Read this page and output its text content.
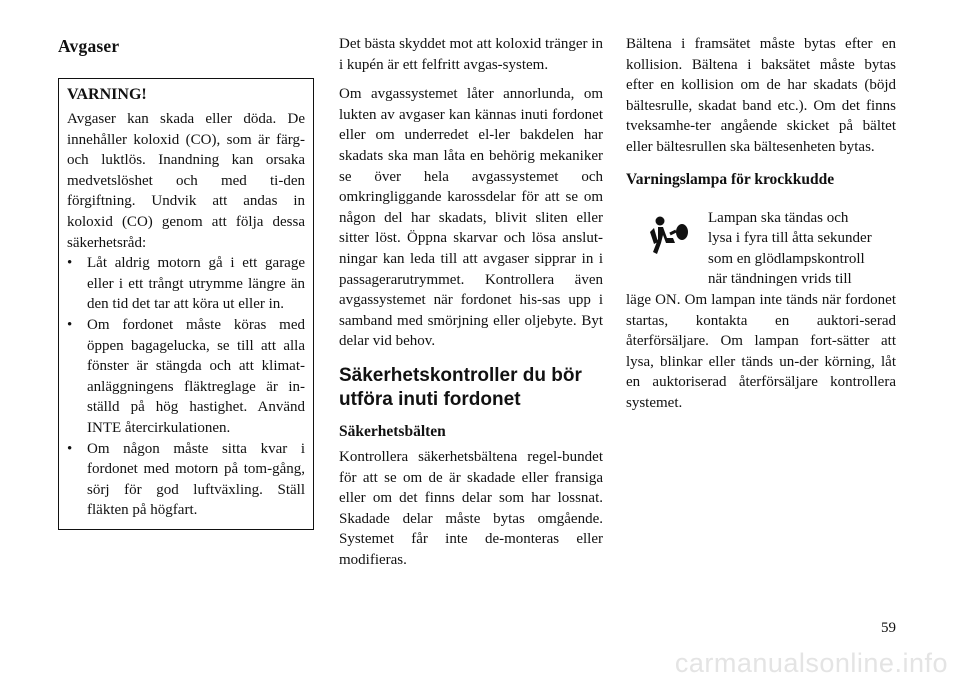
Avgaser
VARNING!

Avgaser kan skada eller döda. De innehåller koloxid (CO), som är färg- och luktlös. Inandning kan orsaka medvetslöshet och med ti-den förgiftning. Undvik att andas in koloxid (CO) genom att följa dessa säkerhetsråd:

• Låt aldrig motorn gå i ett garage eller i ett trångt utrymme längre än den tid det tar att köra ut eller in.
• Om fordonet måste köras med öppen bagagelucka, se till att alla fönster är stängda och att klimat-anläggningens fläktreglage är in-ställd på hög hastighet. Använd INTE återcirkulationen.
• Om någon måste sitta kvar i fordonet med motorn på tom-gång, sörj för god luftväxling. Ställ fläkten på högfart.

Det bästa skyddet mot att koloxid tränger in i kupén är ett felfritt avgas-system.

Om avgassystemet låter annorlunda, om lukten av avgaser kan kännas inuti fordonet eller om underredet el-ler bakdelen har skadats ska man låta en behörig mekaniker se över hela avgassystemet och omkringliggande karossdelar för att se om någon del har skadats, blivit sliten eller sitter löst. Öppna skarvar och lösa anslut-ningar kan leda till att avgaser sipprar in i passagerarutrymmet. Kontrollera även avgassystemet när fordonet his-sas upp i samband med smörjning eller oljebyte. Byt delar vid behov.

Säkerhetskontroller du bör utföra inuti fordonet
Säkerhetsbälten

Kontrollera säkerhetsbältena regel-bundet för att se om de är skadade eller fransiga eller om det finns delar som har lossnat. Skadade delar måste bytas omgående. Systemet får inte de-monteras eller modifieras.

Bältena i framsätet måste bytas efter en kollision. Bältena i baksätet måste bytas efter en kollision om de har skadats (böjd bältesrulle, skadat band etc.). Om det finns tveksamhe-ter angående skicket på bältet eller bältesrullen ska bältesenheten bytas.

Varningslampa för krockkudde

Lampan ska tändas och

lysa i fyra till åtta sekunder

som en glödlampskontroll

när tändningen vrids till

läge ON. Om lampan inte tänds när fordonet startas, kontakta en auktori-serad återförsäljare. Om lampan fort-sätter att lysa, blinkar eller tänds un-der körning, låt en auktoriserad återförsäljare kontrollera systemet.

59
carmanualsonline.info
